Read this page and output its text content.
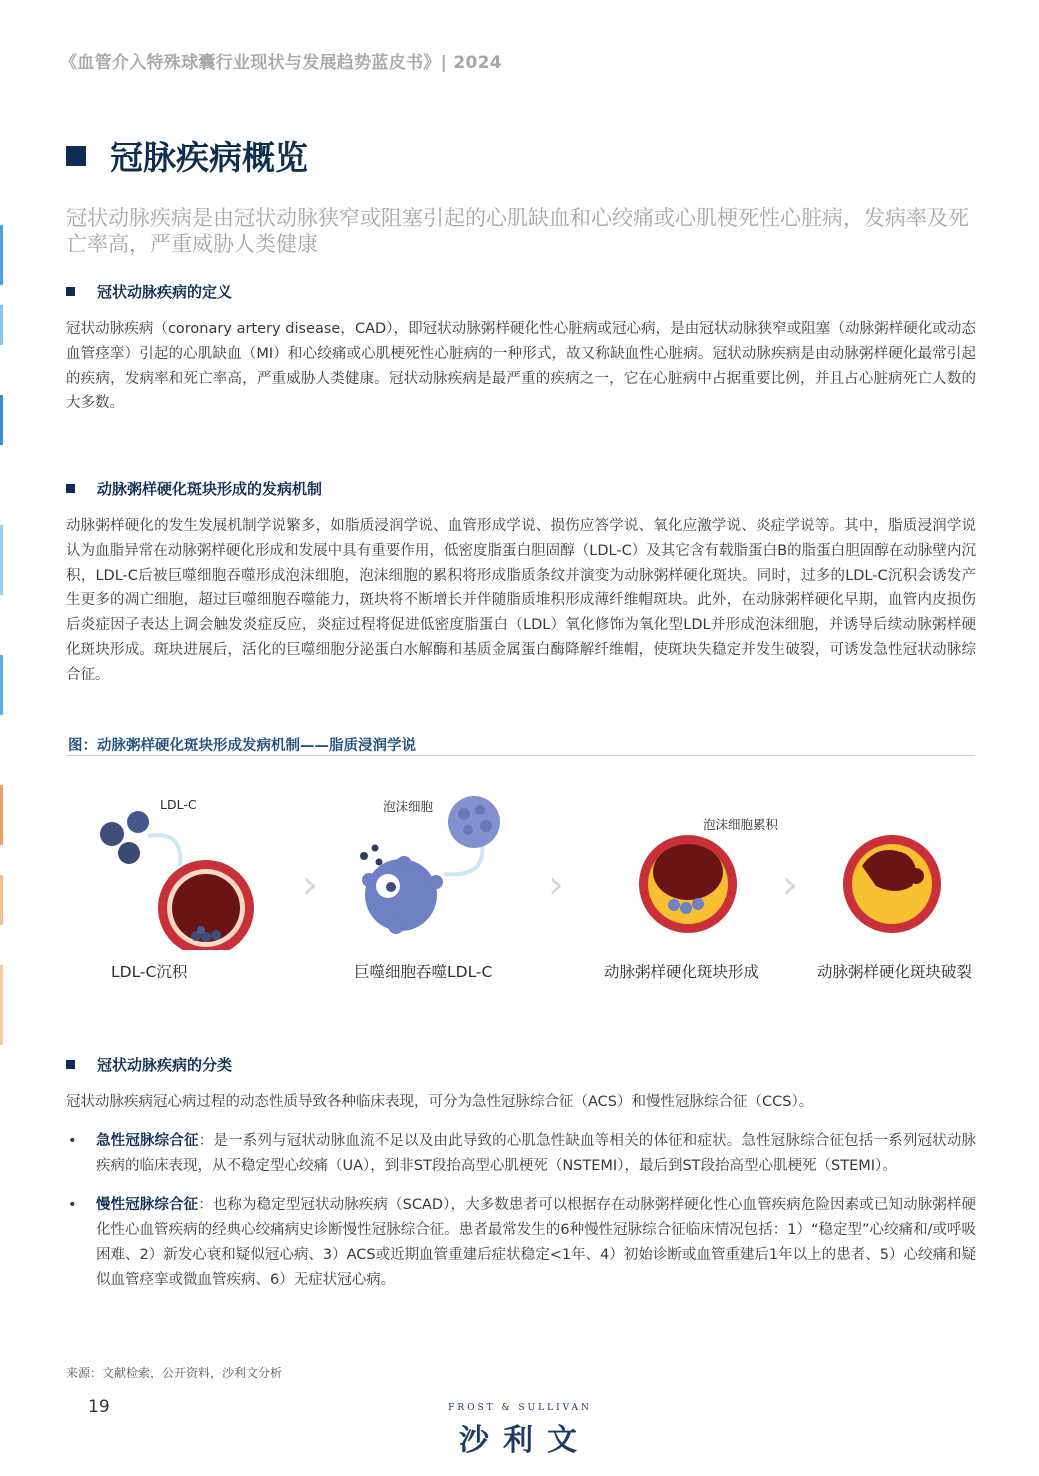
《血管介入特殊球囊行业现状与发展趋势蓝皮书》| 2024
冠脉疾病概览
冠状动脉疾病是由冠状动脉狭窄或阻塞引起的心肌缺血和心绞痛或心肌梗死性心脏病，发病率及死亡率高，严重威胁人类健康
冠状动脉疾病的定义
冠状动脉疾病（coronary artery disease，CAD），即冠状动脉粥样硬化性心脏病或冠心病，是由冠状动脉狭窄或阻塞（动脉粥样硬化或动态血管痉挛）引起的心肌缺血（MI）和心绞痛或心肌梗死性心脏病的一种形式，故又称缺血性心脏病。冠状动脉疾病是由动脉粥样硬化最常引起的疾病，发病率和死亡率高，严重威胁人类健康。冠状动脉疾病是最严重的疾病之一，它在心脏病中占据重要比例，并且占心脏病死亡人数的大多数。
动脉粥样硬化斑块形成的发病机制
动脉粥样硬化的发生发展机制学说繁多，如脂质浸润学说、血管形成学说、损伤应答学说、氧化应激学说、炎症学说等。其中，脂质浸润学说认为血脂异常在动脉粥样硬化形成和发展中具有重要作用，低密度脂蛋白胆固醇（LDL-C）及其它含有载脂蛋白B的脂蛋白胆固醇在动脉壁内沉积，LDL-C后被巨噬细胞吞噬形成泡沫细胞，泡沫细胞的累积将形成脂质条纹并演变为动脉粥样硬化斑块。同时，过多的LDL-C沉积会诱发产生更多的凋亡细胞，超过巨噬细胞吞噬能力，斑块将不断增长并伴随脂质堆积形成薄纤维帽斑块。此外，在动脉粥样硬化早期，血管内皮损伤后炎症因子表达上调会触发炎症反应，炎症过程将促进低密度脂蛋白（LDL）氧化修饰为氧化型LDL并形成泡沫细胞，并诱导后续动脉粥样硬化斑块形成。斑块进展后，活化的巨噬细胞分泌蛋白水解酶和基质金属蛋白酶降解纤维帽，使斑块失稳定并发生破裂，可诱发急性冠状动脉综合征。
图：动脉粥样硬化斑块形成发病机制——脂质浸润学说
›	›	›
LDL-C	泡沫细胞
泡沫细胞累积
LDL-C沉积	巨噬细胞吞噬LDL-C	动脉粥样硬化斑块形成	动脉粥样硬化斑块破裂
冠状动脉疾病的分类
冠状动脉疾病冠心病过程的动态性质导致各种临床表现，可分为急性冠脉综合征（ACS）和慢性冠脉综合征（CCS）。
• 急性冠脉综合征：是一系列与冠状动脉血流不足以及由此导致的心肌急性缺血等相关的体征和症状。急性冠脉综合征包括一系列冠状动脉疾病的临床表现，从不稳定型心绞痛（UA），到非ST段抬高型心肌梗死（NSTEMI），最后到ST段抬高型心肌梗死（STEMI）。
• 慢性冠脉综合征：也称为稳定型冠状动脉疾病（SCAD），大多数患者可以根据存在动脉粥样硬化性心血管疾病危险因素或已知动脉粥样硬化性心血管疾病的经典心绞痛病史诊断慢性冠脉综合征。患者最常发生的6种慢性冠脉综合征临床情况包括：1）“稳定型”心绞痛和/或呼吸困难、2）新发心衰和疑似冠心病、3）ACS或近期血管重建后症状稳定<1年、4）初始诊断或血管重建后1年以上的患者、5）心绞痛和疑似血管痉挛或微血管疾病、6）无症状冠心病。
来源：文献检索，公开资料，沙利文分析
19	FROST & SULLIVAN
沙利文
